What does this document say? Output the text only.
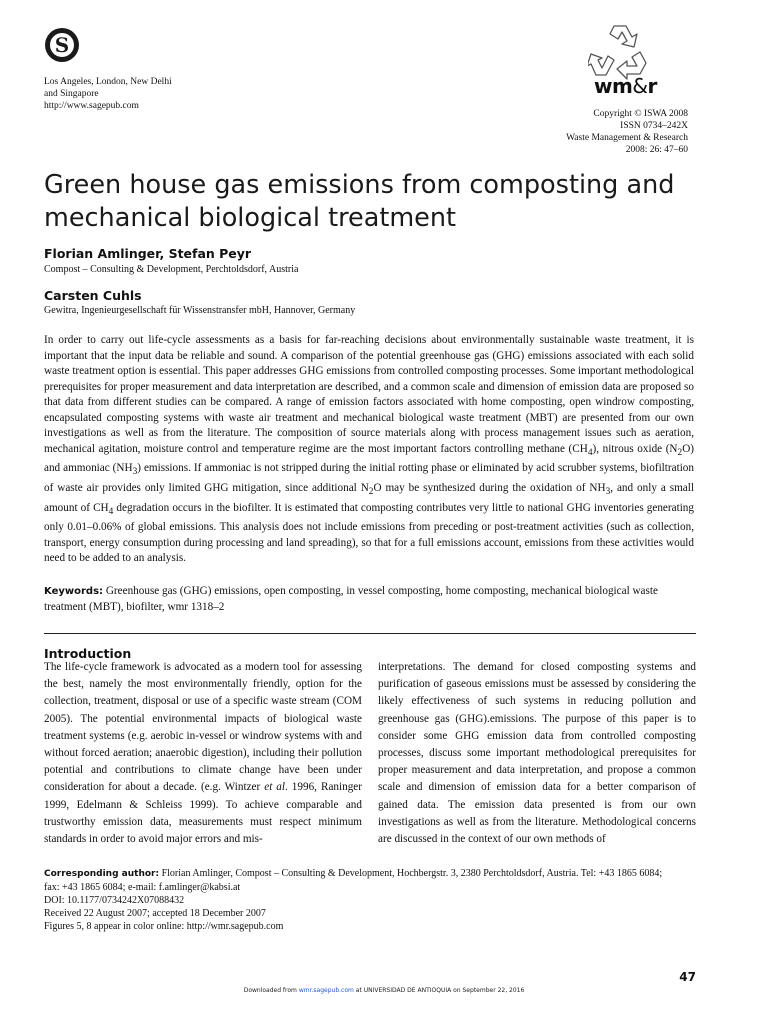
S
Los Angeles, London, New Delhi
and Singapore
http://www.sagepub.com
wm&r
Copyright © ISWA 2008
ISSN 0734–242X
Waste Management & Research
2008: 26: 47–60
Green house gas emissions from composting and mechanical biological treatment
Florian Amlinger, Stefan Peyr
Compost – Consulting & Development, Perchtoldsdorf, Austria
Carsten Cuhls
Gewitra, Ingenieurgesellschaft für Wissenstransfer mbH, Hannover, Germany
In order to carry out life-cycle assessments as a basis for far-reaching decisions about environmentally sustainable waste treatment, it is important that the input data be reliable and sound. A comparison of the potential greenhouse gas (GHG) emissions associated with each solid waste treatment option is essential. This paper addresses GHG emissions from controlled composting processes. Some important methodological prerequisites for proper measurement and data interpretation are described, and a common scale and dimension of emission data are proposed so that data from different studies can be compared. A range of emission factors associated with home composting, open windrow composting, encapsulated composting systems with waste air treatment and mechanical biological waste treatment (MBT) are presented from our own investigations as well as from the literature. The composition of source materials along with process management issues such as aeration, mechanical agitation, moisture control and temperature regime are the most important factors controlling methane $(CH_4)$, nitrous oxide $(N_2O)$ and ammoniac $(NH_3)$ emissions. If ammoniac is not stripped during the initial rotting phase or eliminated by acid scrubber systems, biofiltration of waste air provides only limited GHG mitigation, since additional $N_2O$ may be synthesized during the oxidation of $NH_3$, and only a small amount of $CH_4$ degradation occurs in the biofilter. It is estimated that composting contributes very little to national GHG inventories generating only 0.01–0.06% of global emissions. This analysis does not include emissions from preceding or post-treatment activities (such as collection, transport, energy consumption during processing and land spreading), so that for a full emissions account, emissions from these activities would need to be added to an analysis.
Keywords: Greenhouse gas (GHG) emissions, open composting, in vessel composting, home composting, mechanical biological waste treatment (MBT), biofilter, wmr 1318–2
Introduction
The life-cycle framework is advocated as a modern tool for assessing the best, namely the most environmentally friendly, option for the collection, treatment, disposal or use of a specific waste stream (COM 2005). The potential environmental impacts of biological waste treatment systems (e.g. aerobic in-vessel or windrow systems with and without forced aeration; anaerobic digestion), including their pollution potential and contributions to climate change have been under consideration for about a decade. (e.g. Wintzer et al. 1996, Raninger 1999, Edelmann & Schleiss 1999). To achieve comparable and trustworthy emission data, measurements must respect minimum standards in order to avoid major errors and mis-
interpretations. The demand for closed composting systems and purification of gaseous emissions must be assessed by considering the likely effectiveness of such systems in reducing pollution and greenhouse gas (GHG).emissions. The purpose of this paper is to consider some GHG emission data from controlled composting processes, discuss some important methodological prerequisites for proper measurement and data interpretation, and propose a common scale and dimension of emission data for a better comparison of gained data. The emission data presented is from our own investigations as well as from the literature. Methodological concerns are discussed in the context of our own methods of
Corresponding author: Florian Amlinger, Compost – Consulting & Development, Hochbergstr. 3, 2380 Perchtoldsdorf, Austria. Tel: +43 1865 6084;
fax: +43 1865 6084; e-mail: f.amlinger@kabsi.at
DOI: 10.1177/0734242X07088432
Received 22 August 2007; accepted 18 December 2007
Figures 5, 8 appear in color online: http://wmr.sagepub.com
47
Downloaded from wmr.sagepub.com at UNIVERSIDAD DE ANTIOQUIA on September 22, 2016
